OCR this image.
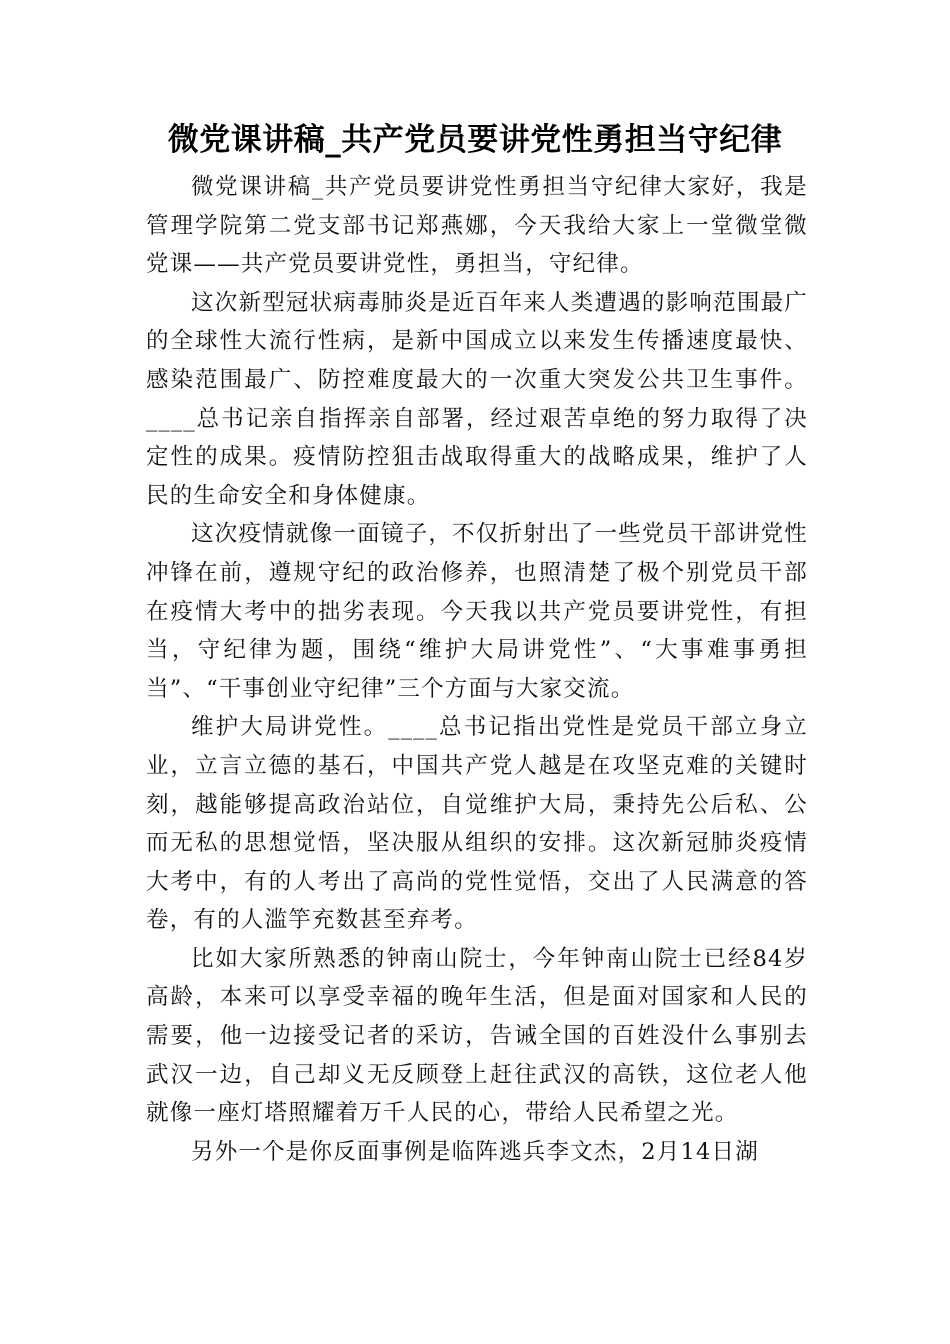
微党课讲稿_共产党员要讲党性勇担当守纪律

微党课讲稿_共产党员要讲党性勇担当守纪律大家好，我是管理学院第二党支部书记郑燕娜，今天我给大家上一堂微堂微党课——共产党员要讲党性，勇担当，守纪律。

这次新型冠状病毒肺炎是近百年来人类遭遇的影响范围最广的全球性大流行性病，是新中国成立以来发生传播速度最快、感染范围最广、防控难度最大的一次重大突发公共卫生事件。____总书记亲自指挥亲自部署，经过艰苦卓绝的努力取得了决定性的成果。疫情防控狙击战取得重大的战略成果，维护了人民的生命安全和身体健康。

这次疫情就像一面镜子，不仅折射出了一些党员干部讲党性冲锋在前，遵规守纪的政治修养，也照清楚了极个别党员干部在疫情大考中的拙劣表现。今天我以共产党员要讲党性，有担当，守纪律为题，围绕“维护大局讲党性”、“大事难事勇担当”、“干事创业守纪律”三个方面与大家交流。

维护大局讲党性。____总书记指出党性是党员干部立身立业，立言立德的基石，中国共产党人越是在攻坚克难的关键时刻，越能够提高政治站位，自觉维护大局，秉持先公后私、公而无私的思想觉悟，坚决服从组织的安排。这次新冠肺炎疫情大考中，有的人考出了高尚的党性觉悟，交出了人民满意的答卷，有的人滥竽充数甚至弃考。

比如大家所熟悉的钟南山院士，今年钟南山院士已经84岁高龄，本来可以享受幸福的晚年生活，但是面对国家和人民的需要，他一边接受记者的采访，告诫全国的百姓没什么事别去武汉一边，自己却义无反顾登上赶往武汉的高铁，这位老人他就像一座灯塔照耀着万千人民的心，带给人民希望之光。

另外一个是你反面事例是临阵逃兵李文杰，2月14日湖
